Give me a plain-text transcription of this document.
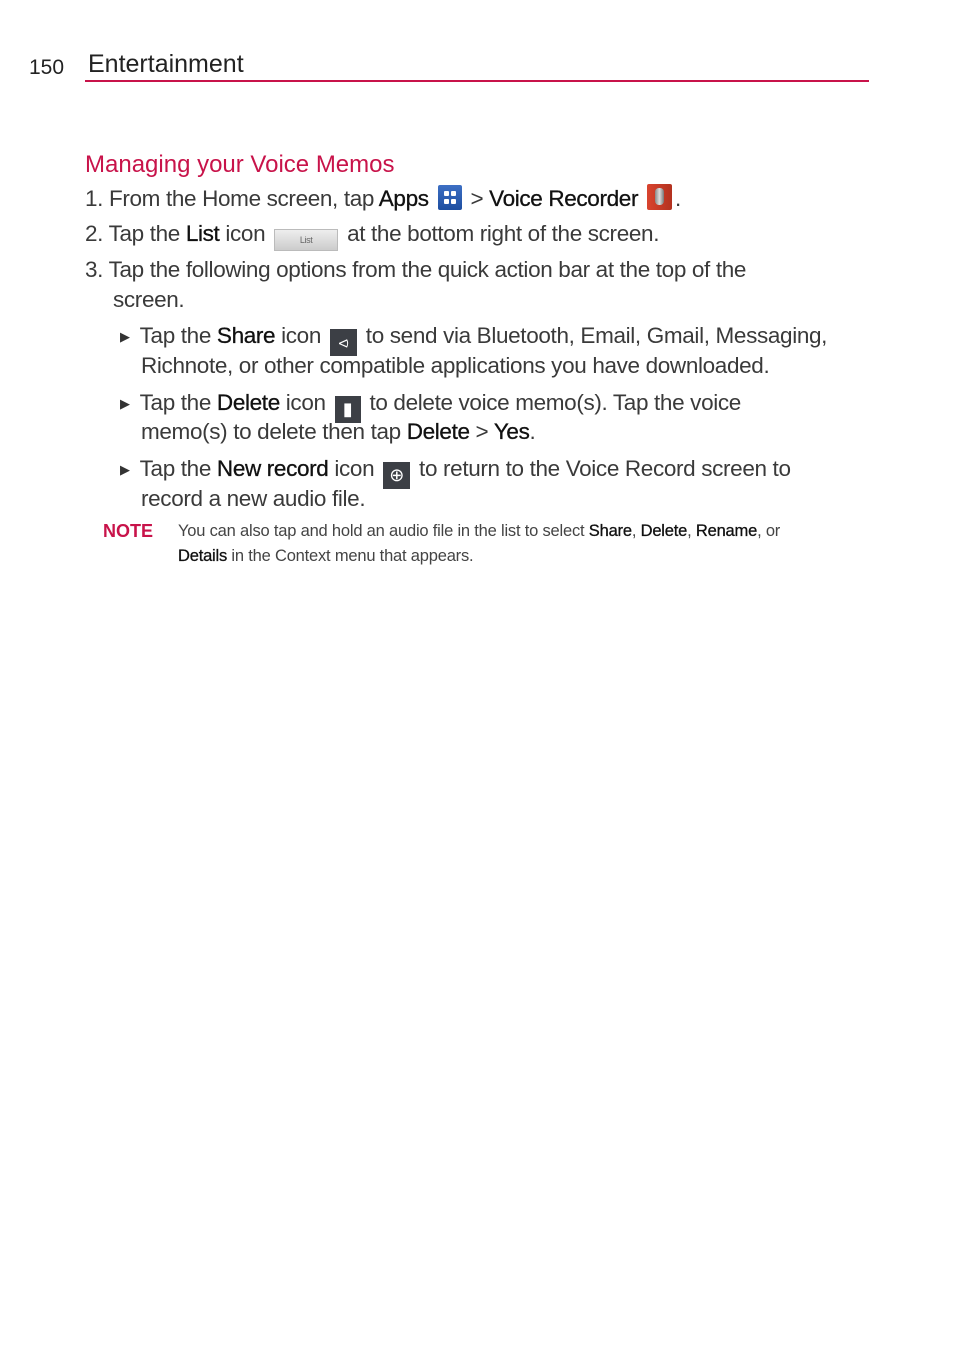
150 Entertainment
Managing your Voice Memos
1. From the Home screen, tap Apps
> Voice Recorder .
2. Tap the List icon	List at the bottom right of the screen.
3. Tap the following options from the quick action bar at the top of the
screen.
▶ Tap the Share icon ⪦ to send via Bluetooth, Email, Gmail, Messaging,
Richnote, or other compatible applications you have downloaded.
▶ Tap the Delete icon ▮ to delete voice memo(s). Tap the voice
memo(s) to delete then tap Delete > Yes.
▶ Tap the New record icon ⊕ to return to the Voice Record screen to
record a new audio file.
NOTE You can also tap and hold an audio file in the list to select Share, Delete, Rename, or
Details in the Context menu that appears.
